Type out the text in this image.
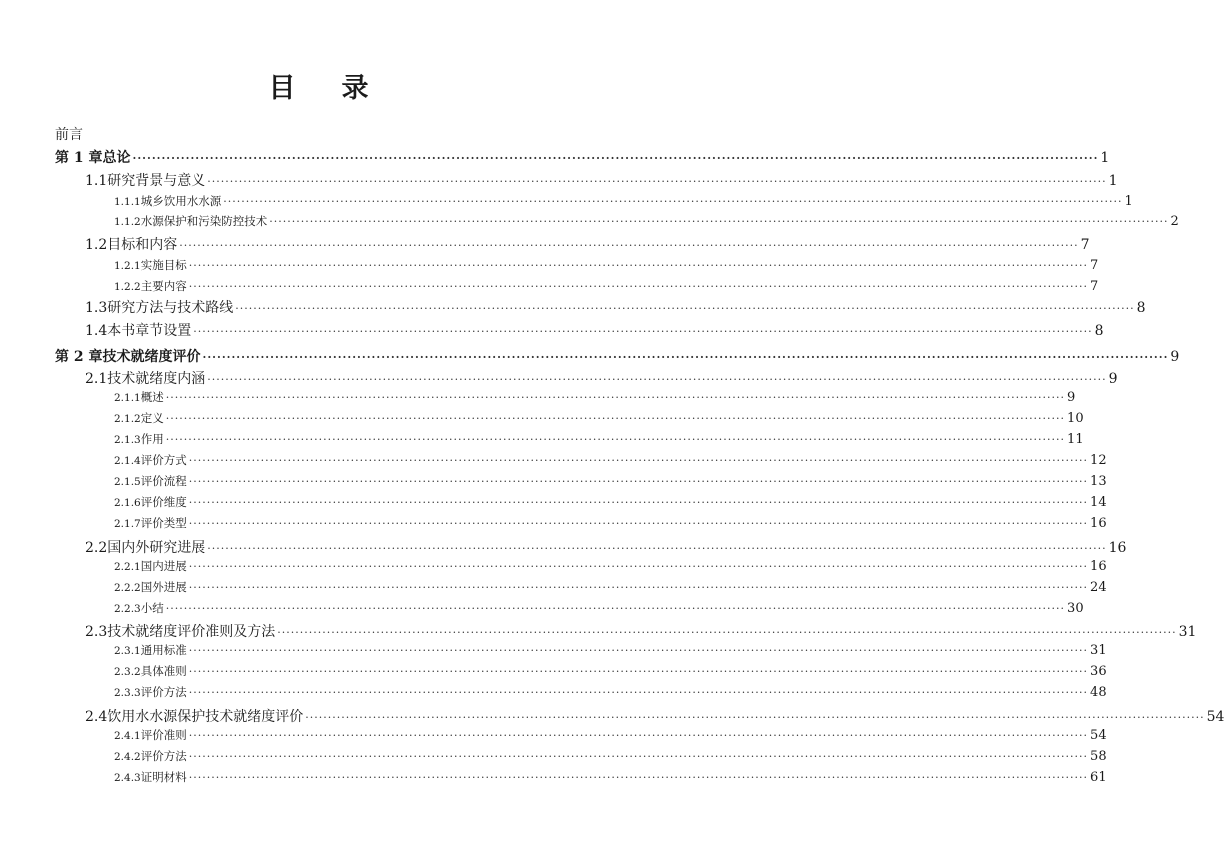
目 录
前言
第 1 章 总论 ········································································································································································································ 1
1.1 研究背景与意义 ········································································································································································································ 1
1.1.1 城乡饮用水水源 ········································································································································································································ 1
1.1.2 水源保护和污染防控技术 ········································································································································································································ 2
1.2 目标和内容 ········································································································································································································ 7
1.2.1 实施目标 ········································································································································································································ 7
1.2.2 主要内容 ········································································································································································································ 7
1.3 研究方法与技术路线 ········································································································································································································ 8
1.4 本书章节设置 ········································································································································································································ 8
第 2 章 技术就绪度评价 ········································································································································································································ 9
2.1 技术就绪度内涵 ········································································································································································································ 9
2.1.1 概述 ········································································································································································································ 9
2.1.2 定义 ········································································································································································································ 10
2.1.3 作用 ········································································································································································································ 11
2.1.4 评价方式 ········································································································································································································ 12
2.1.5 评价流程 ········································································································································································································ 13
2.1.6 评价维度 ········································································································································································································ 14
2.1.7 评价类型 ········································································································································································································ 16
2.2 国内外研究进展 ········································································································································································································ 16
2.2.1 国内进展 ········································································································································································································ 16
2.2.2 国外进展 ········································································································································································································ 24
2.2.3 小结 ········································································································································································································ 30
2.3 技术就绪度评价准则及方法 ········································································································································································································ 31
2.3.1 通用标准 ········································································································································································································ 31
2.3.2 具体准则 ········································································································································································································ 36
2.3.3 评价方法 ········································································································································································································ 48
2.4 饮用水水源保护技术就绪度评价 ········································································································································································································ 54
2.4.1 评价准则 ········································································································································································································ 54
2.4.2 评价方法 ········································································································································································································ 58
2.4.3 证明材料 ········································································································································································································ 61
